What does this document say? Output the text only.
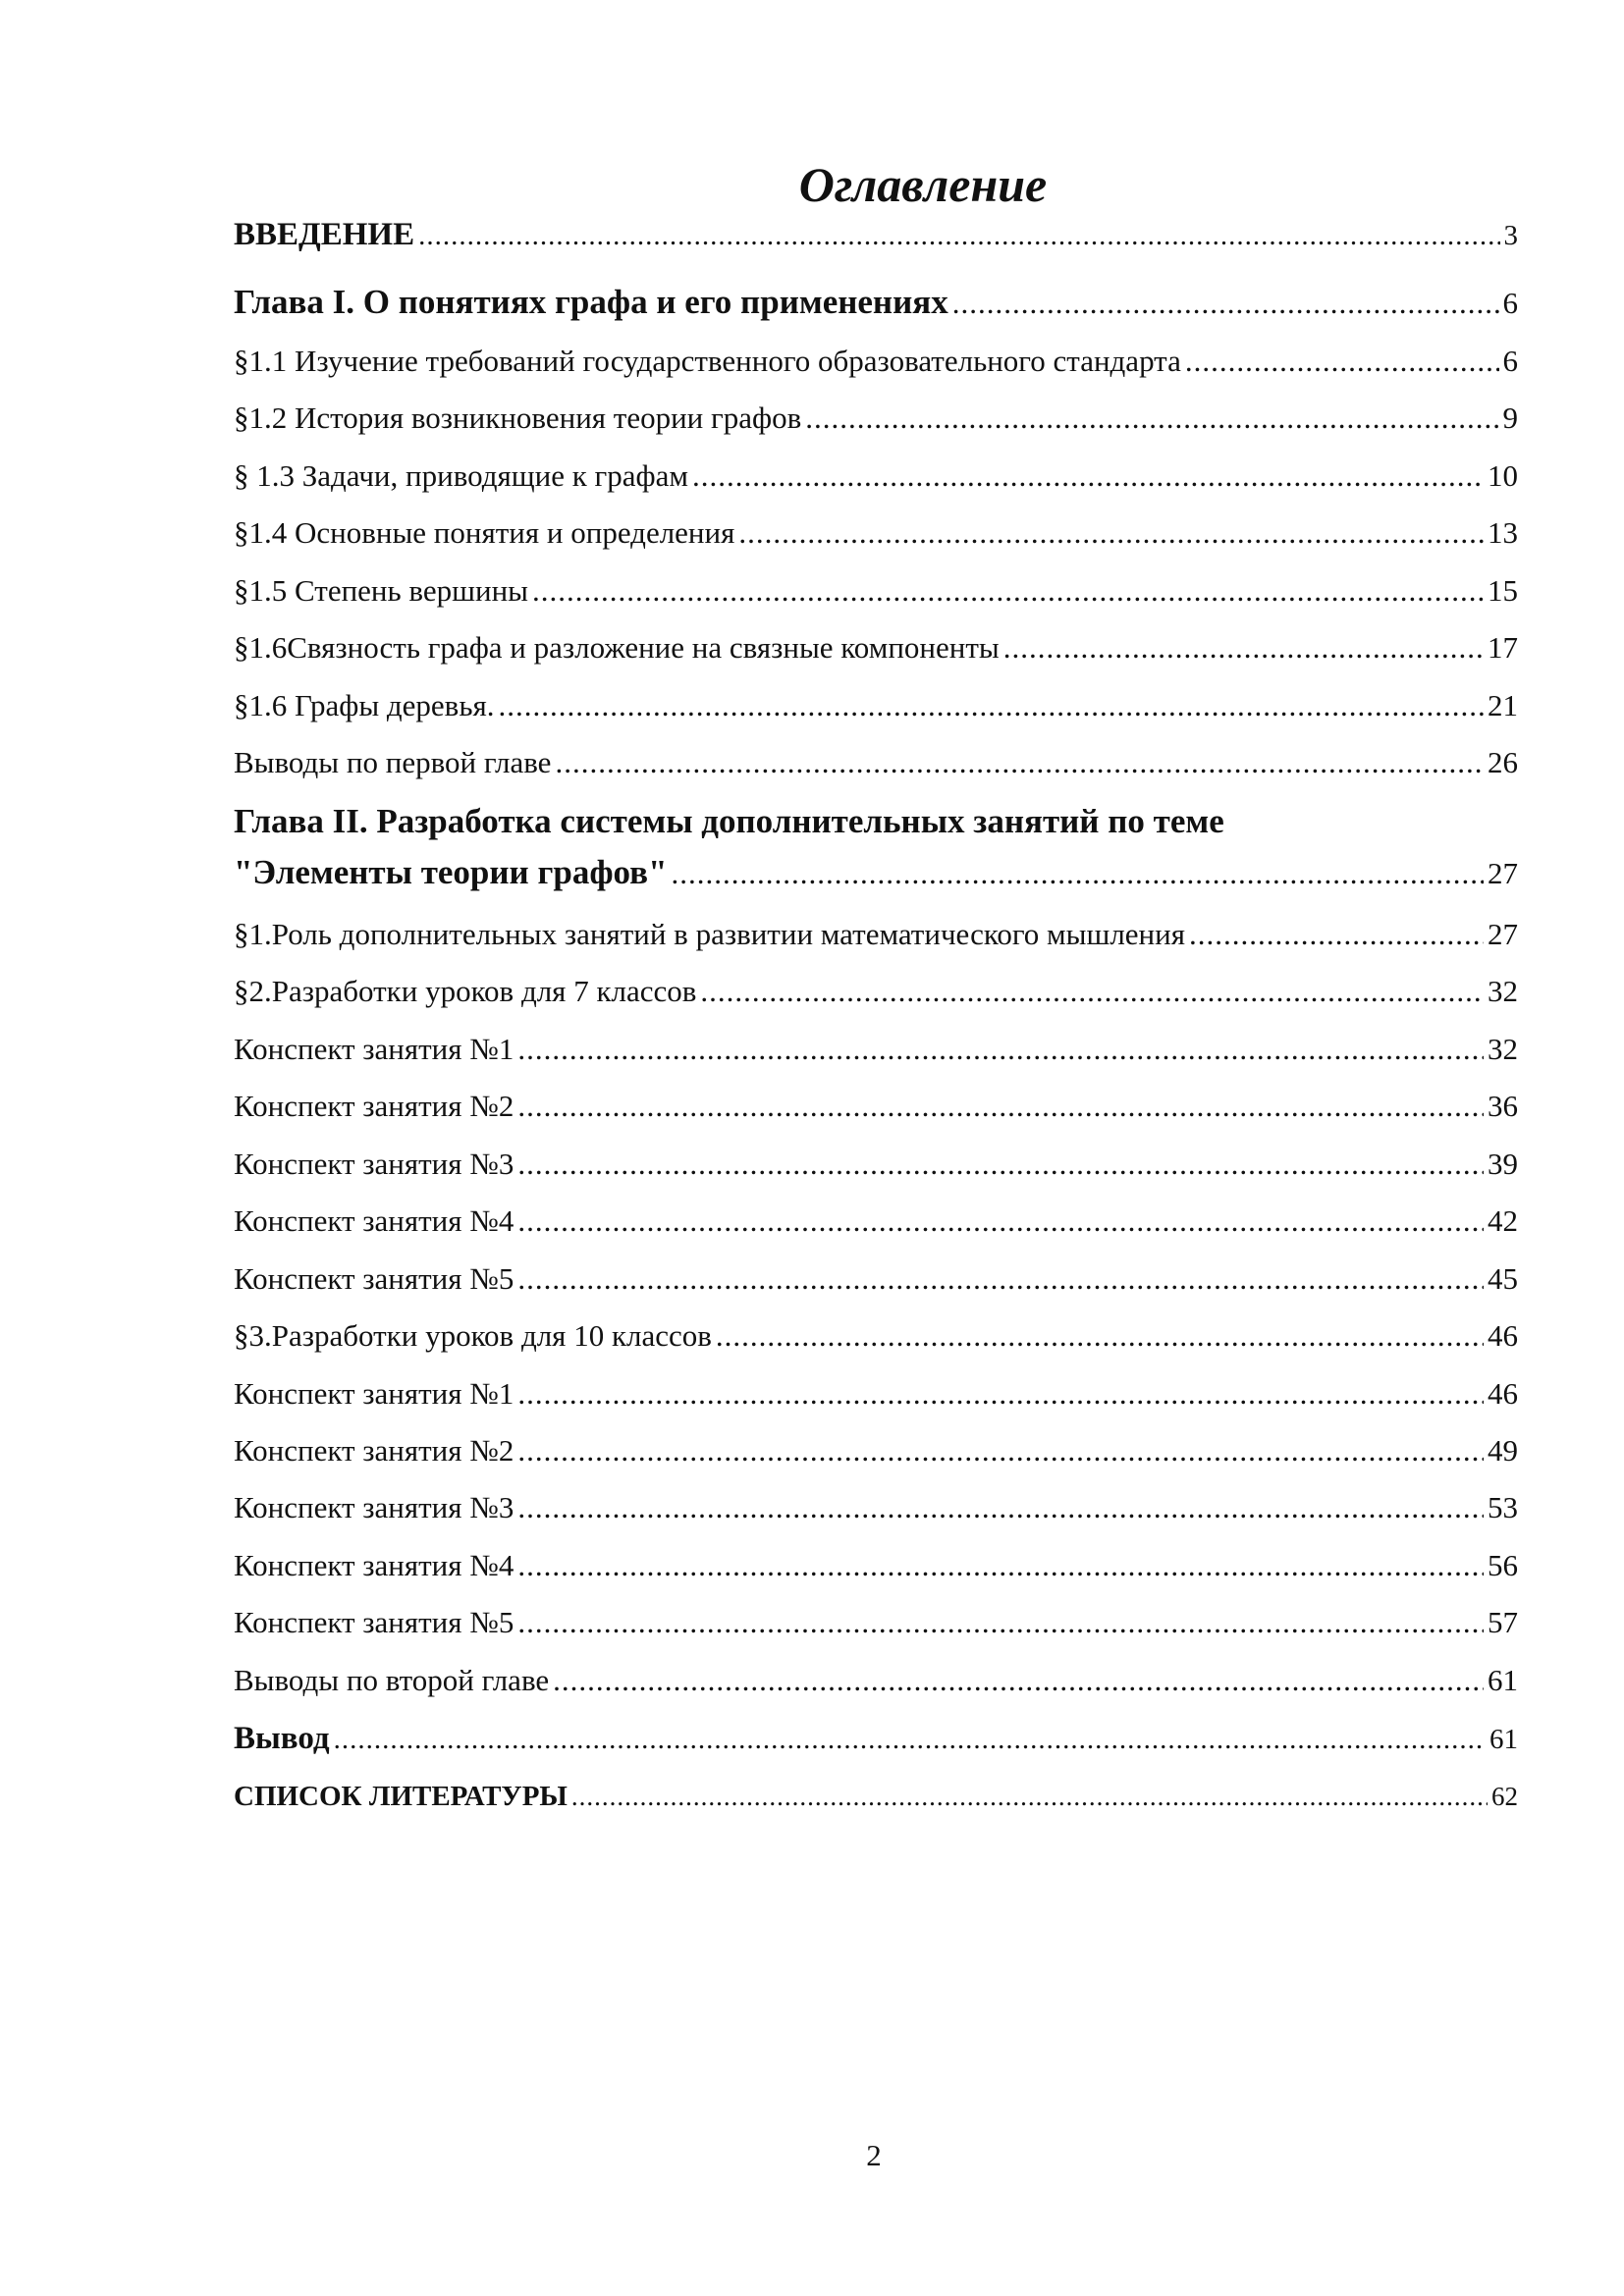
Оглавление
ВВЕДЕНИЕ .....	3
Глава I. О понятиях графа и его применениях .....	6
§1.1 Изучение требований государственного образовательного стандарта .....	6
§1.2 История возникновения теории графов .....	9
§ 1.3 Задачи, приводящие к графам .....	10
§1.4 Основные понятия и определения .....	13
§1.5 Степень вершины .....	15
§1.6Связность графа и разложение на связные компоненты .....	17
§1.6 Графы деревья. .....	21
Выводы по первой главе .....	26
Глава II. Разработка системы дополнительных занятий по теме
"Элементы теории графов" .....	27
§1.Роль дополнительных занятий в развитии математического мышления .....	27
§2.Разработки уроков для 7 классов .....	32
Конспект занятия №1 .....	32
Конспект занятия №2 .....	36
Конспект занятия №3 .....	39
Конспект занятия №4 .....	42
Конспект занятия №5 .....	45
§3.Разработки уроков для 10 классов .....	46
Конспект занятия №1 .....	46
Конспект занятия №2 .....	49
Конспект занятия №3 .....	53
Конспект занятия №4 .....	56
Конспект занятия №5 .....	57
Выводы по второй главе .....	61
Вывод .....	61
СПИСОК ЛИТЕРАТУРЫ .....	62
2
